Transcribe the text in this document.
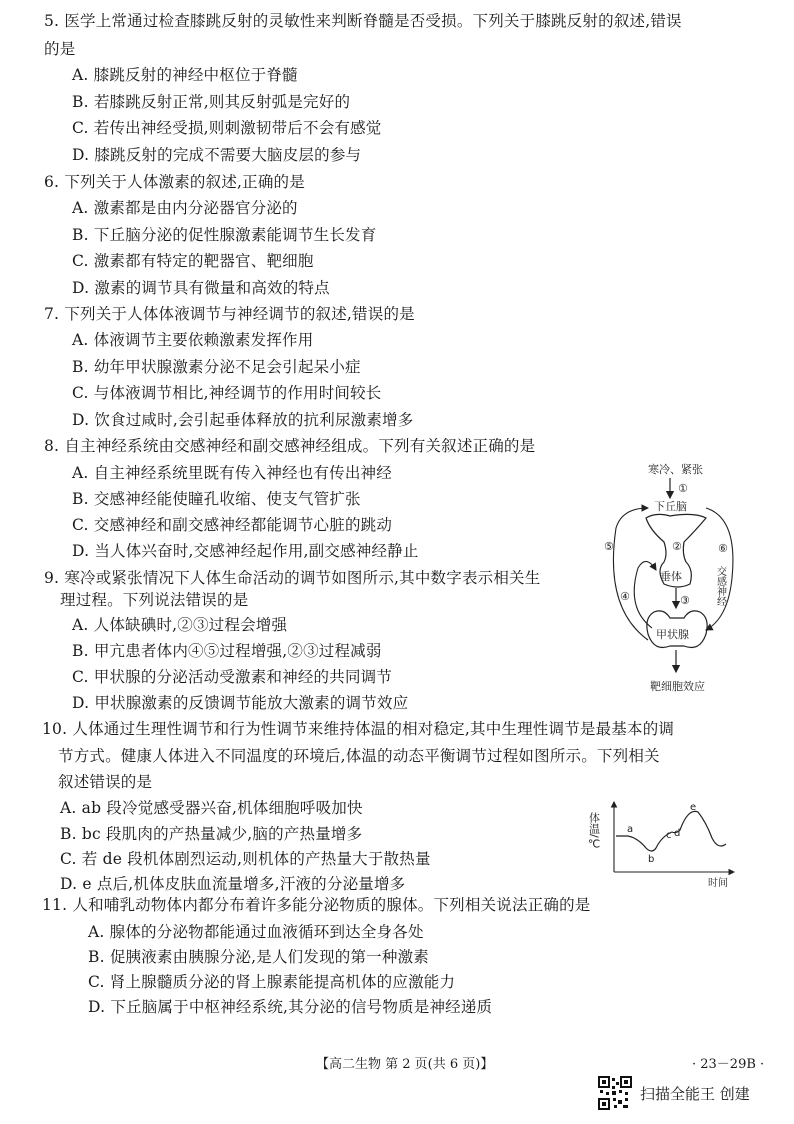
5. 医学上常通过检查膝跳反射的灵敏性来判断脊髓是否受损。下列关于膝跳反射的叙述,错误
的是
A. 膝跳反射的神经中枢位于脊髓
B. 若膝跳反射正常,则其反射弧是完好的
C. 若传出神经受损,则刺激韧带后不会有感觉
D. 膝跳反射的完成不需要大脑皮层的参与
6. 下列关于人体激素的叙述,正确的是
A. 激素都是由内分泌器官分泌的
B. 下丘脑分泌的促性腺激素能调节生长发育
C. 激素都有特定的靶器官、靶细胞
D. 激素的调节具有微量和高效的特点
7. 下列关于人体体液调节与神经调节的叙述,错误的是
A. 体液调节主要依赖激素发挥作用
B. 幼年甲状腺激素分泌不足会引起呆小症
C. 与体液调节相比,神经调节的作用时间较长
D. 饮食过咸时,会引起垂体释放的抗利尿激素增多
8. 自主神经系统由交感神经和副交感神经组成。下列有关叙述正确的是
A. 自主神经系统里既有传入神经也有传出神经
B. 交感神经能使瞳孔收缩、使支气管扩张
C. 交感神经和副交感神经都能调节心脏的跳动
D. 当人体兴奋时,交感神经起作用,副交感神经静止
9. 寒冷或紧张情况下人体生命活动的调节如图所示,其中数字表示相关生
理过程。下列说法错误的是
A. 人体缺碘时,②③过程会增强
B. 甲亢患者体内④⑤过程增强,②③过程减弱
C. 甲状腺的分泌活动受激素和神经的共同调节
D. 甲状腺激素的反馈调节能放大激素的调节效应
寒冷、紧张
①
下丘脑
②
垂体
③
甲状腺
靶细胞效应
④
⑤	⑥
交感神经
10. 人体通过生理性调节和行为性调节来维持体温的相对稳定,其中生理性调节是最基本的调
节方式。健康人体进入不同温度的环境后,体温的动态平衡调节过程如图所示。下列相关
叙述错误的是
A. ab 段冷觉感受器兴奋,机体细胞呼吸加快
B. bc 段肌肉的产热量减少,脑的产热量增多
C. 若 de 段机体剧烈运动,则机体的产热量大于散热量
D. e 点后,机体皮肤血流量增多,汗液的分泌量增多
体温/℃
时间
a
b
c d
e
11. 人和哺乳动物体内都分布着许多能分泌物质的腺体。下列相关说法正确的是
A. 腺体的分泌物都能通过血液循环到达全身各处
B. 促胰液素由胰腺分泌,是人们发现的第一种激素
C. 肾上腺髓质分泌的肾上腺素能提高机体的应激能力
D. 下丘脑属于中枢神经系统,其分泌的信号物质是神经递质
【高二生物 第 2 页(共 6 页)】	· 23－29B ·
扫描全能王 创建
